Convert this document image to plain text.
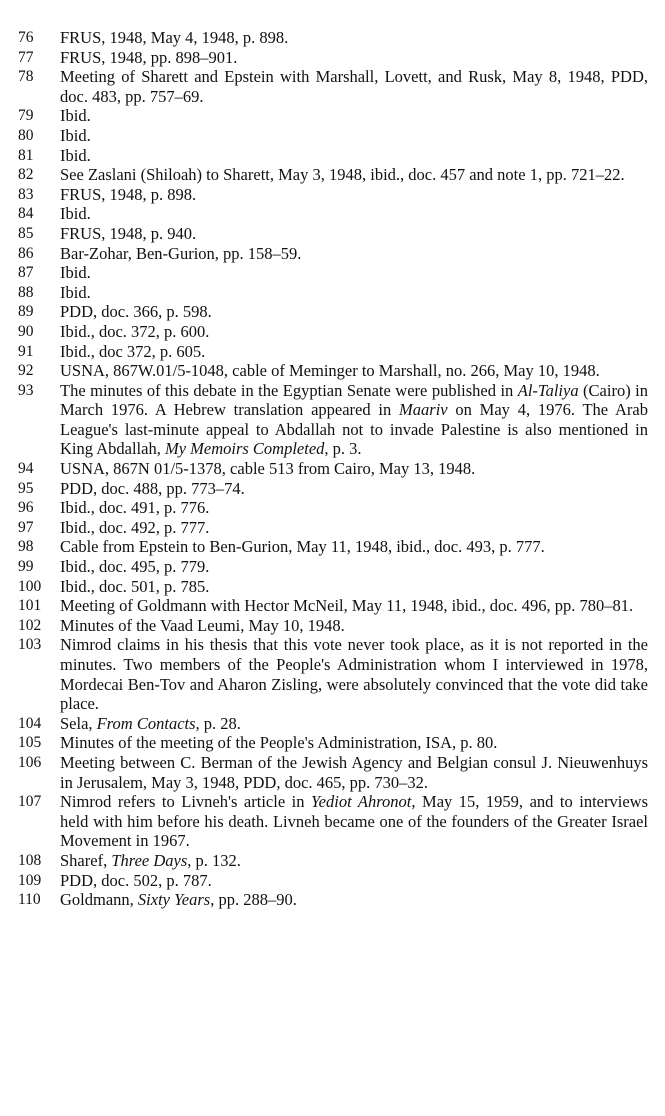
76	FRUS, 1948, May 4, 1948, p. 898.
77	FRUS, 1948, pp. 898–901.
78	Meeting of Sharett and Epstein with Marshall, Lovett, and Rusk, May 8, 1948, PDD, doc. 483, pp. 757–69.
79	Ibid.
80	Ibid.
81	Ibid.
82	See Zaslani (Shiloah) to Sharett, May 3, 1948, ibid., doc. 457 and note 1, pp. 721–22.
83	FRUS, 1948, p. 898.
84	Ibid.
85	FRUS, 1948, p. 940.
86	Bar-Zohar, Ben-Gurion, pp. 158–59.
87	Ibid.
88	Ibid.
89	PDD, doc. 366, p. 598.
90	Ibid., doc. 372, p. 600.
91	Ibid., doc 372, p. 605.
92	USNA, 867W.01/5-1048, cable of Meminger to Marshall, no. 266, May 10, 1948.
93	The minutes of this debate in the Egyptian Senate were published in Al-Taliya (Cairo) in March 1976. A Hebrew translation appeared in Maariv on May 4, 1976. The Arab League's last-minute appeal to Abdallah not to invade Palestine is also mentioned in King Abdallah, My Memoirs Completed, p. 3.
94	USNA, 867N 01/5-1378, cable 513 from Cairo, May 13, 1948.
95	PDD, doc. 488, pp. 773–74.
96	Ibid., doc. 491, p. 776.
97	Ibid., doc. 492, p. 777.
98	Cable from Epstein to Ben-Gurion, May 11, 1948, ibid., doc. 493, p. 777.
99	Ibid., doc. 495, p. 779.
100	Ibid., doc. 501, p. 785.
101	Meeting of Goldmann with Hector McNeil, May 11, 1948, ibid., doc. 496, pp. 780–81.
102	Minutes of the Vaad Leumi, May 10, 1948.
103	Nimrod claims in his thesis that this vote never took place, as it is not reported in the minutes. Two members of the People's Administration whom I interviewed in 1978, Mordecai Ben-Tov and Aharon Zisling, were absolutely convinced that the vote did take place.
104	Sela, From Contacts, p. 28.
105	Minutes of the meeting of the People's Administration, ISA, p. 80.
106	Meeting between C. Berman of the Jewish Agency and Belgian consul J. Nieuwenhuys in Jerusalem, May 3, 1948, PDD, doc. 465, pp. 730–32.
107	Nimrod refers to Livneh's article in Yediot Ahronot, May 15, 1959, and to interviews held with him before his death. Livneh became one of the founders of the Greater Israel Movement in 1967.
108	Sharef, Three Days, p. 132.
109	PDD, doc. 502, p. 787.
110	Goldmann, Sixty Years, pp. 288–90.
